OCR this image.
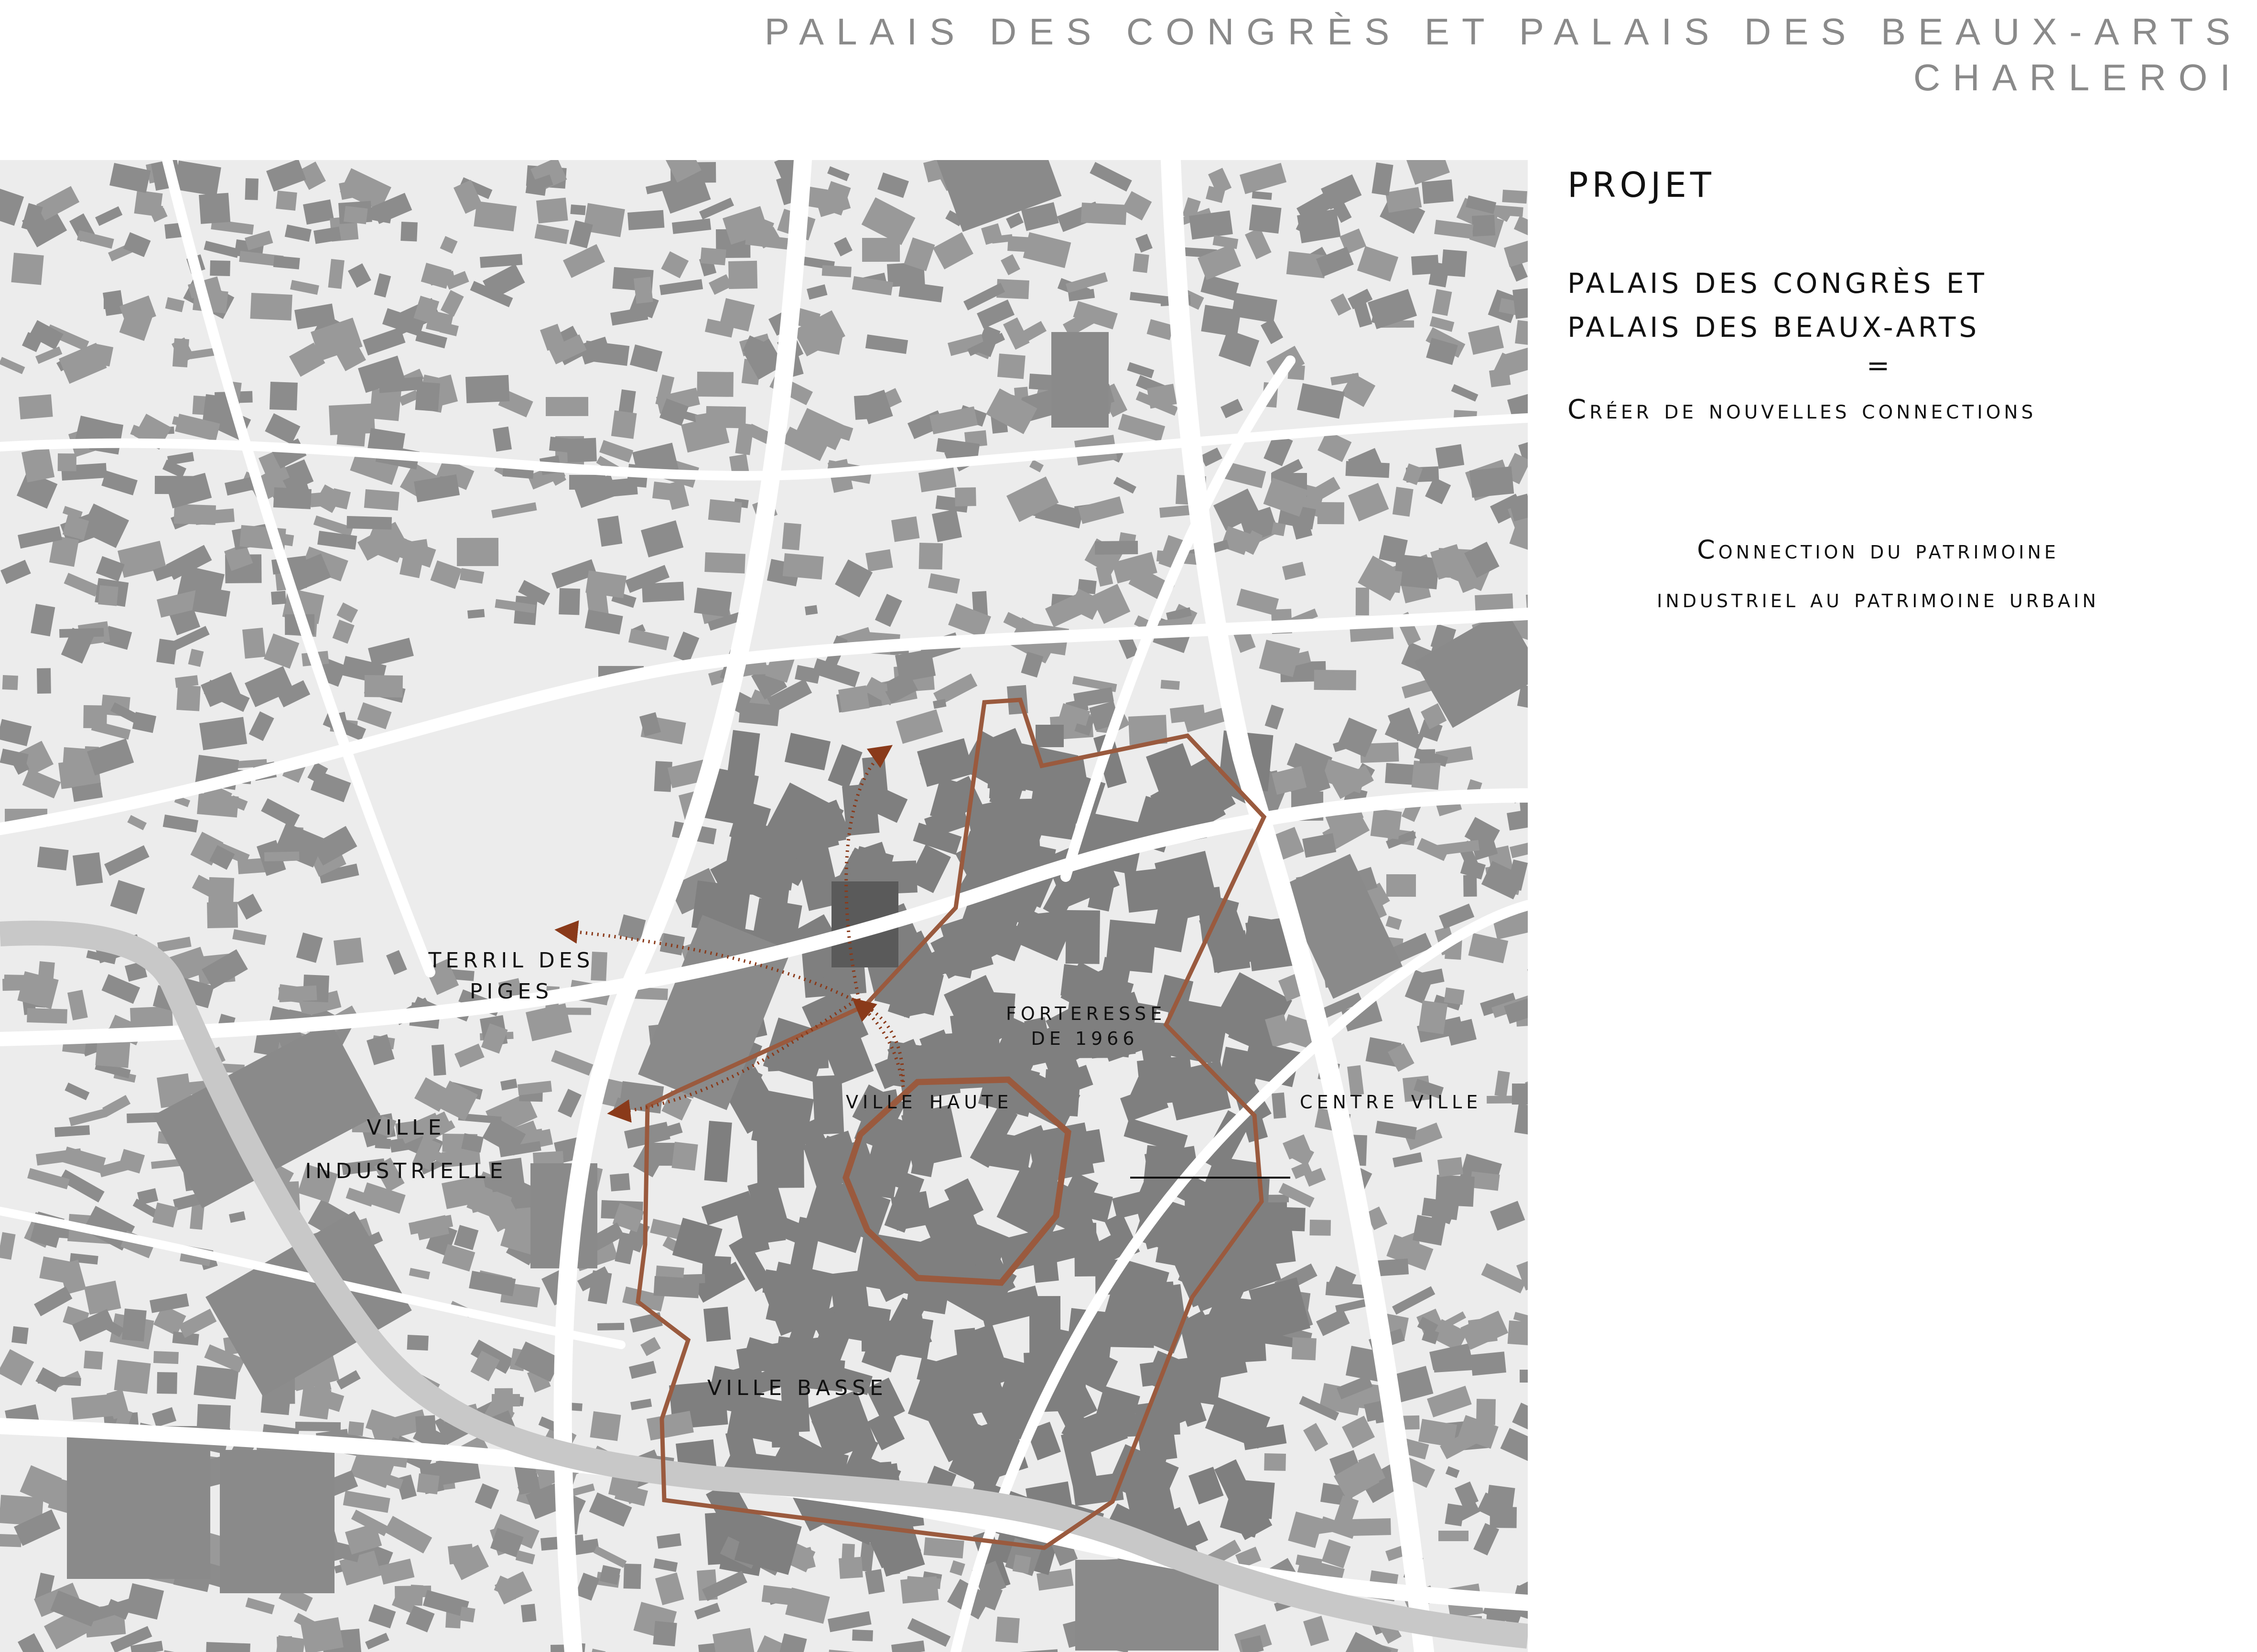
PALAIS DES CONGRÈS ET PALAIS DES BEAUX-ARTS
CHARLEROI
TERRIL DES
PIGES
FORTERESSE
DE 1966
ville haute	centre ville
VILLE
INDUSTRIELLE
VILLE BASSE
PROJET
PALAIS DES CONGRÈS ET
PALAIS DES BEAUX-ARTS
=
Créer de nouvelles connections
Connection du patrimoine
industriel au patrimoine urbain
